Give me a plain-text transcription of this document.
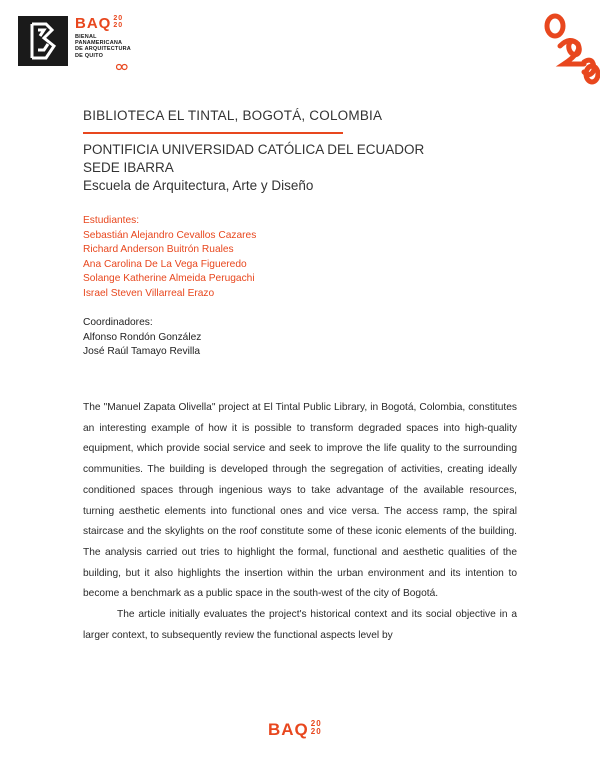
BAQ 20
20
BIENAL
PANAMERICANA
DE ARQUITECTURA
DE QUITO
BIBLIOTECA EL TINTAL, BOGOTÁ, COLOMBIA
PONTIFICIA UNIVERSIDAD CATÓLICA DEL ECUADOR
SEDE IBARRA
Escuela de Arquitectura, Arte y Diseño
Estudiantes:
Sebastián Alejandro Cevallos Cazares
Richard Anderson Buitrón Ruales
Ana Carolina De La Vega Figueredo
Solange Katherine Almeida Perugachi
Israel Steven Villarreal Erazo
Coordinadores:
Alfonso Rondón González
José Raúl Tamayo Revilla

The "Manuel Zapata Olivella" project at El Tintal Public Library, in Bogotá, Colombia, constitutes an interesting example of how it is possible to transform degraded spaces into high-quality equipment, which provide social service and seek to improve the life quality to the surrounding communities. The building is developed through the segregation of activities, creating ideally conditioned spaces through ingenious ways to take advantage of the available resources, turning aesthetic elements into functional ones and vice versa. The access ramp, the spiral staircase and the skylights on the roof constitute some of these iconic elements of the building. The analysis carried out tries to highlight the formal, functional and aesthetic qualities of the building, but it also highlights the insertion within the urban environment and its intention to become a benchmark as a public space in the south-west of the city of Bogotá.

The article initially evaluates the project's historical context and its social objective in a larger context, to subsequently review the functional aspects level by

BAQ 20
20
